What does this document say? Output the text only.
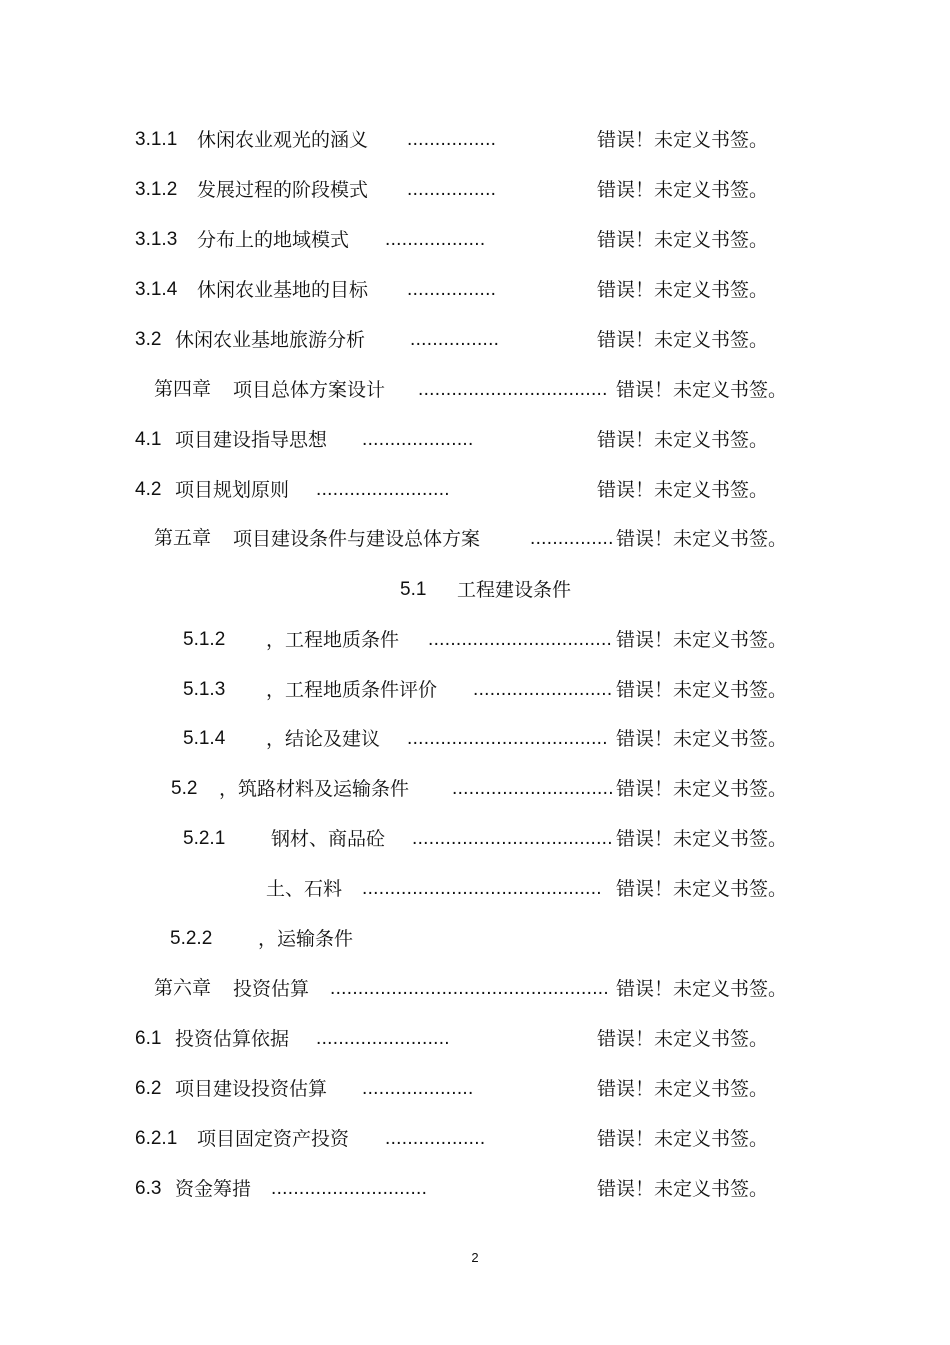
3.1.1 休闲农业观光的涵义 ................	错误！未定义书签。
3.1.2 发展过程的阶段模式 ................	错误！未定义书签。
3.1.3 分布上的地域模式 ..................	错误！未定义书签。
3.1.4 休闲农业基地的目标 ................	错误！未定义书签。
3.2 休闲农业基地旅游分析 ................	错误！未定义书签。
第四章 项目总体方案设计 .................................. 错误！未定义书签。
4.1 项目建设指导思想 ....................	错误！未定义书签。
4.2 项目规划原则 ........................	错误！未定义书签。
第五章 项目建设条件与建设总体方案	............... 错误！未定义书签。
5.1 工程建设条件
5.1.2 ，工程地质条件 ................................. 错误！未定义书签。
5.1.3 ，工程地质条件评价 ......................... 错误！未定义书签。
5.1.4 ，结论及建议 .................................... 错误！未定义书签。
5.2 ，筑路材料及运输条件 ............................. 错误！未定义书签。
5.2.1 钢材、商品砼 .................................... 错误！未定义书签。
土、石料 ........................................... 错误！未定义书签。
5.2.2 ，运输条件
第六章 投资估算 .................................................. 错误！未定义书签。
6.1 投资估算依据 ........................	错误！未定义书签。
6.2 项目建设投资估算 ....................	错误！未定义书签。
6.2.1 项目固定资产投资 ..................	错误！未定义书签。
6.3 资金筹措 ............................	错误！未定义书签。
2
